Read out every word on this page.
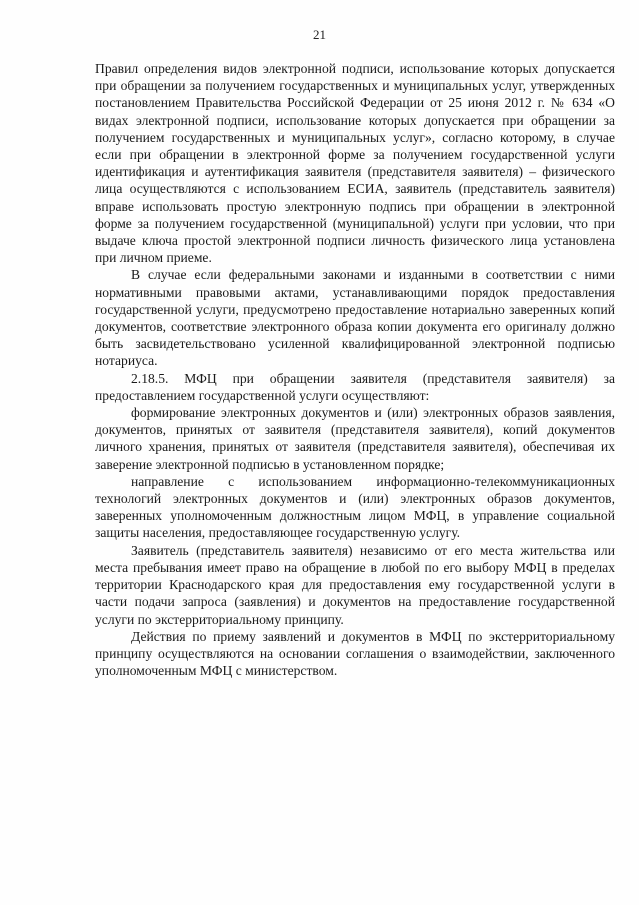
21

Правил определения видов электронной подписи, использование которых допускается при обращении за получением государственных и муниципальных услуг, утвержденных постановлением Правительства Российской Федерации от 25 июня 2012 г. № 634 «О видах электронной подписи, использование которых допускается при обращении за получением государственных и муниципальных услуг», согласно которому, в случае если при обращении в электронной форме за получением государственной услуги идентификация и аутентификация заявителя (представителя заявителя) – физического лица осуществляются с использованием ЕСИА, заявитель (представитель заявителя) вправе использовать простую электронную подпись при обращении в электронной форме за получением государственной (муниципальной) услуги при условии, что при выдаче ключа простой электронной подписи личность физического лица установлена при личном приеме.

В случае если федеральными законами и изданными в соответствии с ними нормативными правовыми актами, устанавливающими порядок предоставления государственной услуги, предусмотрено предоставление нотариально заверенных копий документов, соответствие электронного образа копии документа его оригиналу должно быть засвидетельствовано усиленной квалифицированной электронной подписью нотариуса.

2.18.5. МФЦ при обращении заявителя (представителя заявителя) за предоставлением государственной услуги осуществляют:

формирование электронных документов и (или) электронных образов заявления, документов, принятых от заявителя (представителя заявителя), копий документов личного хранения, принятых от заявителя (представителя заявителя), обеспечивая их заверение электронной подписью в установленном порядке;

направление с использованием информационно-телекоммуникационных технологий электронных документов и (или) электронных образов документов, заверенных уполномоченным должностным лицом МФЦ, в управление социальной защиты населения, предоставляющее государственную услугу.

Заявитель (представитель заявителя) независимо от его места жительства или места пребывания имеет право на обращение в любой по его выбору МФЦ в пределах территории Краснодарского края для предоставления ему государственной услуги в части подачи запроса (заявления) и документов на предоставление государственной услуги по экстерриториальному принципу.

Действия по приему заявлений и документов в МФЦ по экстерриториальному принципу осуществляются на основании соглашения о взаимодействии, заключенного уполномоченным МФЦ с министерством.
